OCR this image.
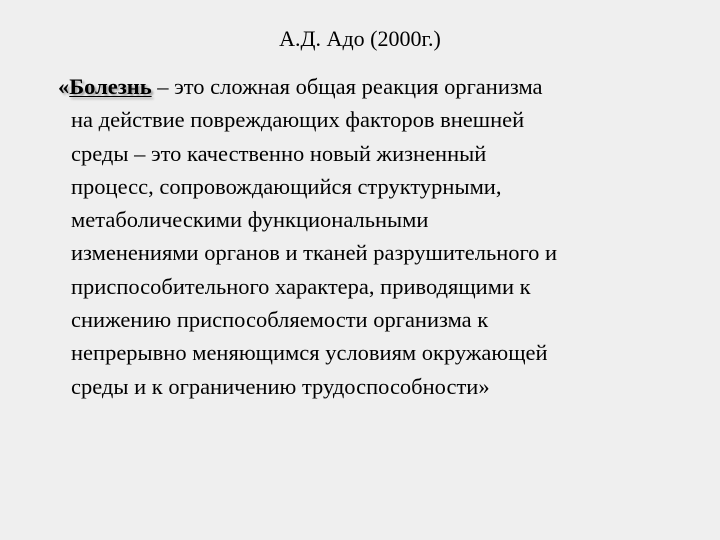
А.Д. Адо (2000г.)
«Болезнь – это сложная общая реакция организма
на действие повреждающих факторов внешней
среды – это качественно новый жизненный
процесс, сопровождающийся структурными,
метаболическими функциональными
изменениями органов и тканей разрушительного и
приспособительного характера, приводящими к
снижению приспособляемости организма к
непрерывно меняющимся условиям окружающей
среды и к ограничению трудоспособности»
